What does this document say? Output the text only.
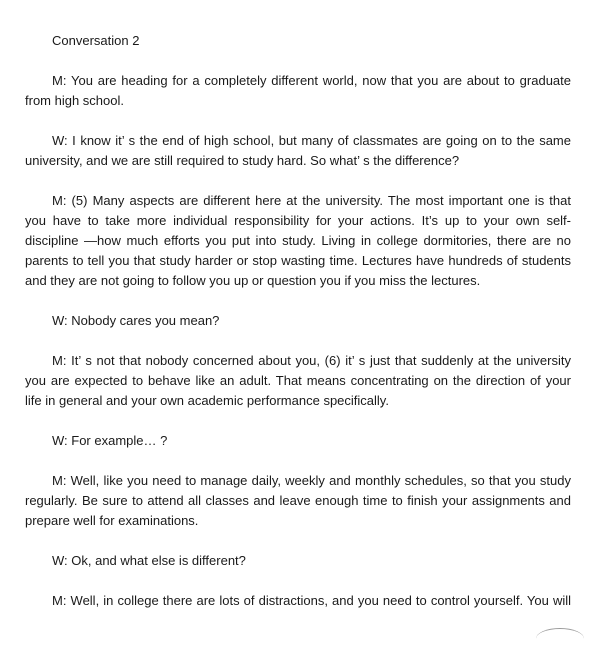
Conversation 2

M: You are heading for a completely different world, now that you are about to graduate from high school.

W: I know it’ s the end of high school, but many of classmates are going on to the same university, and we are still required to study hard. So what’ s the difference?

M: (5) Many aspects are different here at the university. The most important one is that you have to take more individual responsibility for your actions. It’s up to your own self-discipline —how much efforts you put into study. Living in college dormitories, there are no parents to tell you that study harder or stop wasting time. Lectures have hundreds of students and they are not going to follow you up or question you if you miss the lectures.

W: Nobody cares you mean?

M: It’ s not that nobody concerned about you, (6) it’ s just that suddenly at the university you are expected to behave like an adult. That means concentrating on the direction of your life in general and your own academic performance specifically.

W: For example… ?

M: Well, like you need to manage daily, weekly and monthly schedules, so that you study regularly. Be sure to attend all classes and leave enough time to finish your assignments and prepare well for examinations.

W: Ok, and what else is different?

M: Well, in college there are lots of distractions, and you need to control yourself. You will
